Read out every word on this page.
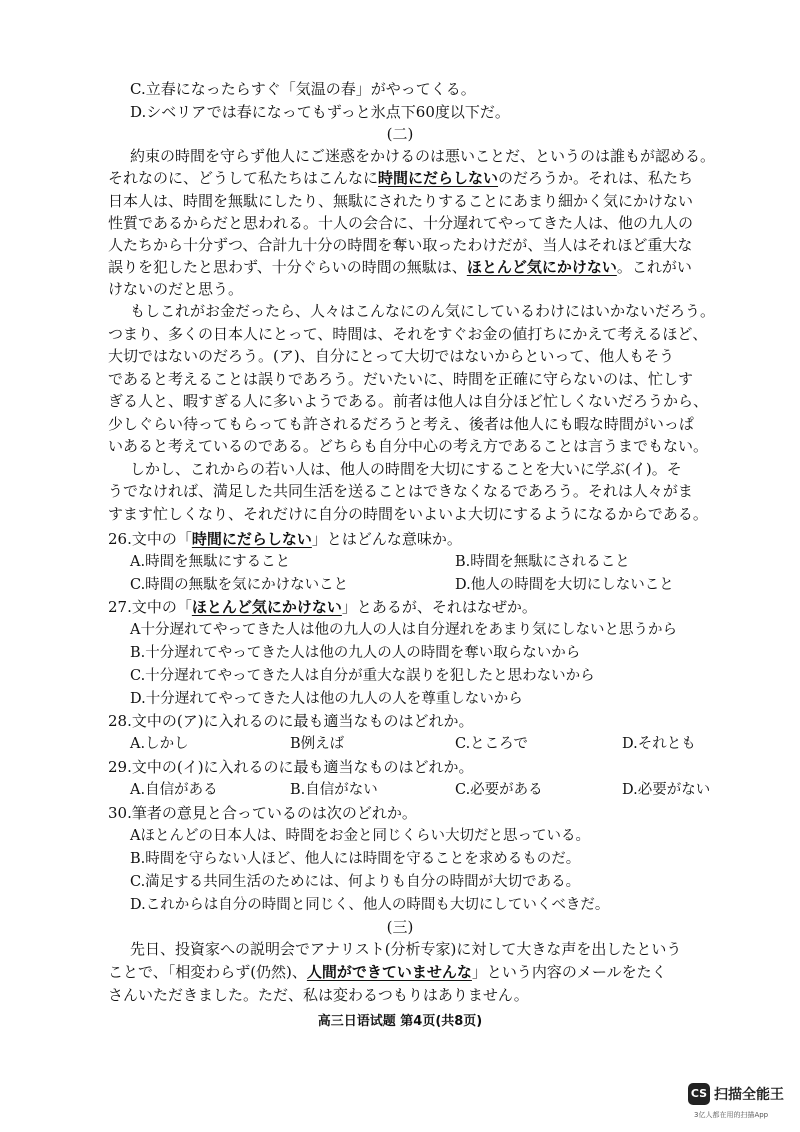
C.立春になったらすぐ「気温の春」がやってくる。
D.シベリアでは春になってもずっと氷点下60度以下だ。
(二)
約束の時間を守らず他人にご迷惑をかけるのは悪いことだ、というのは誰もが認める。
それなのに、どうして私たちはこんなに時間にだらしないのだろうか。それは、私たち
日本人は、時間を無駄にしたり、無駄にされたりすることにあまり細かく気にかけない
性質であるからだと思われる。十人の会合に、十分遅れてやってきた人は、他の九人の
人たちから十分ずつ、合計九十分の時間を奪い取ったわけだが、当人はそれほど重大な
誤りを犯したと思わず、十分ぐらいの時間の無駄は、ほとんど気にかけない。これがい
けないのだと思う。
もしこれがお金だったら、人々はこんなにのん気にしているわけにはいかないだろう。
つまり、多くの日本人にとって、時間は、それをすぐお金の値打ちにかえて考えるほど、
大切ではないのだろう。(ア)、自分にとって大切ではないからといって、他人もそう
であると考えることは誤りであろう。だいたいに、時間を正確に守らないのは、忙しす
ぎる人と、暇すぎる人に多いようである。前者は他人は自分ほど忙しくないだろうから、
少しぐらい待ってもらっても許されるだろうと考え、後者は他人にも暇な時間がいっぱ
いあると考えているのである。どちらも自分中心の考え方であることは言うまでもない。
しかし、これからの若い人は、他人の時間を大切にすることを大いに学ぶ(イ)。そ
うでなければ、満足した共同生活を送ることはできなくなるであろう。それは人々がま
すます忙しくなり、それだけに自分の時間をいよいよ大切にするようになるからである。
26.文中の「時間にだらしない」とはどんな意味か。
A.時間を無駄にすること	B.時間を無駄にされること
C.時間の無駄を気にかけないこと	D.他人の時間を大切にしないこと
27.文中の「ほとんど気にかけない」とあるが、それはなぜか。
A十分遅れてやってきた人は他の九人の人は自分遅れをあまり気にしないと思うから
B.十分遅れてやってきた人は他の九人の人の時間を奪い取らないから
C.十分遅れてやってきた人は自分が重大な誤りを犯したと思わないから
D.十分遅れてやってきた人は他の九人の人を尊重しないから
28.文中の(ア)に入れるのに最も適当なものはどれか。
A.しかし	B例えば	C.ところで	D.それとも
29.文中の(イ)に入れるのに最も適当なものはどれか。
A.自信がある	B.自信がない	C.必要がある	D.必要がない
30.筆者の意見と合っているのは次のどれか。
Aほとんどの日本人は、時間をお金と同じくらい大切だと思っている。
B.時間を守らない人ほど、他人には時間を守ることを求めるものだ。
C.満足する共同生活のためには、何よりも自分の時間が大切である。
D.これからは自分の時間と同じく、他人の時間も大切にしていくべきだ。
(三)
先日、投資家への説明会でアナリスト(分析专家)に対して大きな声を出したという
ことで、「相変わらず(仍然)、人間ができていませんな」という内容のメールをたく
さんいただきました。ただ、私は変わるつもりはありません。
高三日语试题 第4页(共8页)
CS 扫描全能王
3亿人都在用的扫描App
